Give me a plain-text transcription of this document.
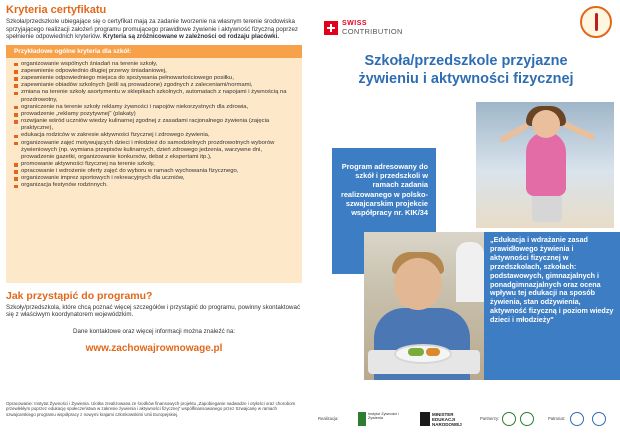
Kryteria certyfikatu

Szkoła/przedszkole ubiegające się o certyfikat mają za zadanie tworzenie na własnym terenie środowiska sprzyjającego realizacji założeń programu promującego prawidłowe żywienie i aktywność fizyczną poprzez spełnienie odpowiednich kryteriów. Kryteria są zróżnicowane w zależności od rodzaju placówki.

Przykładowe ogólne kryteria dla szkół:
organizowanie wspólnych śniadań na terenie szkoły,
zapewnienie odpowiednio długiej przerwy śniadaniowej,
zapewnienie odpowiedniego miejsca do spożywania pełnowartościowego posiłku,
zapewnianie obiadów szkolnych (jeśli są prowadzone) zgodnych z zaleceniami/normami,
zmiana na terenie szkoły asortymentu w sklepikach szkolnych, automatach z napojami i żywnością na prozdrowotny,
ograniczenie na terenie szkoły reklamy żywności i napojów niekorzystnych dla zdrowia,
prowadzenie „reklamy pozytywnej" (plakaty)
rozwijanie wśród uczniów wiedzy kulinarnej zgodnej z zasadami racjonalnego żywienia (zajęcia praktyczne),
edukacja rodziców w zakresie aktywności fizycznej i zdrowego żywienia,
organizowanie zajęć motywujących dzieci i młodzież do samodzielnych prozdrowotnych wyborów żywieniowych (np. wymiana przepisów kulinarnych, dzień zdrowego jedzenia, warzywne dni, prowadzenie gazetki, organizowanie konkursów, debat z ekspertami itp.),
promowanie aktywności fizycznej na terenie szkoły,
opracowanie i wdrożenie oferty zajęć do wyboru w ramach wychowania fizycznego,
organizowanie imprez sportowych i rekreacyjnych dla uczniów,
organizacja festynów rodzinnych.
Jak przystąpić do programu?

Szkoły/przedszkola, które chcą poznać więcej szczegółów i przystąpić do programu, powinny skontaktować się z właściwym koordynatorem wojewódzkim.

Dane kontaktowe oraz więcej informacji można znaleźć na:

www.zachowajrownowage.pl

Opracowanie: Instytut Żywności i Żywienia. Ulotka zrealizowana ze środków finansowych projektu „Zapobieganie nadwadze i otyłości oraz chorobom przewlekłym poprzez edukację społeczeństwa w zakresie żywienia i aktywności fizycznej" współfinansowanego przez Szwajcarię w ramach szwajcarskiego programu współpracy z nowymi krajami członkowskimi Unii Europejskiej.

SWISS
CONTRIBUTION
Szkoła/przedszkole przyjazne
żywieniu i aktywności fizycznej
Program adresowany do szkół i przedszkoli w ramach zadania realizowanego w polsko-szwajcarskim projekcie współpracy nr. KIK/34
„Edukacja i wdrażanie zasad prawidłowego żywienia i aktywności fizycznej w przedszkolach, szkołach: podstawowych, gimnazjalnych i ponadgimnazjalnych oraz ocena wpływu tej edukacji na sposób żywienia, stan odżywienia, aktywność fizyczną i poziom wiedzy dzieci i młodzieży"
Realizacja:
Instytut Żywności i Żywienia
MINISTER EDUKACJI NARODOWEJ
Partnerzy:	Patronat:
